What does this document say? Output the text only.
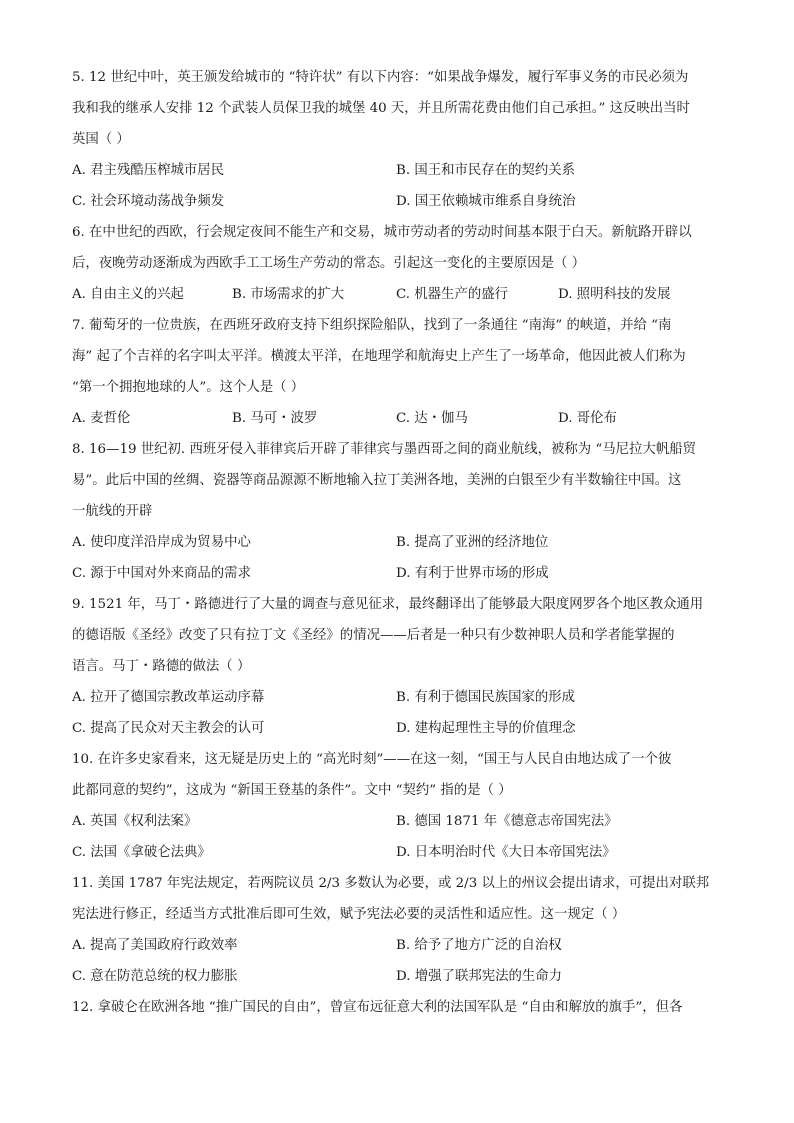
5. 12 世纪中叶，英王颁发给城市的 “特许状” 有以下内容：“如果战争爆发，履行军事义务的市民必须为
我和我的继承人安排 12 个武装人员保卫我的城堡 40 天，并且所需花费由他们自己承担。” 这反映出当时
英国（ ）
A. 君主残酷压榨城市居民	B. 国王和市民存在的契约关系
C. 社会环境动荡战争频发	D. 国王依赖城市维系自身统治
6. 在中世纪的西欧，行会规定夜间不能生产和交易，城市劳动者的劳动时间基本限于白天。新航路开辟以
后，夜晚劳动逐渐成为西欧手工工场生产劳动的常态。引起这一变化的主要原因是（ ）
A. 自由主义的兴起	B. 市场需求的扩大	C. 机器生产的盛行	D. 照明科技的发展
7. 葡萄牙的一位贵族，在西班牙政府支持下组织探险船队，找到了一条通往 “南海” 的峡道，并给 “南
海” 起了个吉祥的名字叫太平洋。横渡太平洋，在地理学和航海史上产生了一场革命，他因此被人们称为
“第一个拥抱地球的人”。这个人是（ ）
A. 麦哲伦	B. 马可・波罗	C. 达・伽马	D. 哥伦布
8. 16—19 世纪初. 西班牙侵入菲律宾后开辟了菲律宾与墨西哥之间的商业航线，被称为 “马尼拉大帆船贸
易”。此后中国的丝绸、瓷器等商品源源不断地输入拉丁美洲各地，美洲的白银至少有半数输往中国。这
一航线的开辟
A. 使印度洋沿岸成为贸易中心	B. 提高了亚洲的经济地位
C. 源于中国对外来商品的需求	D. 有利于世界市场的形成
9. 1521 年，马丁・路德进行了大量的调查与意见征求，最终翻译出了能够最大限度网罗各个地区教众通用
的德语版《圣经》改变了只有拉丁文《圣经》的情况——后者是一种只有少数神职人员和学者能掌握的
语言。马丁・路德的做法（ ）
A. 拉开了德国宗教改革运动序幕	B. 有利于德国民族国家的形成
C. 提高了民众对天主教会的认可	D. 建构起理性主导的价值理念
10. 在许多史家看来，这无疑是历史上的 “高光时刻”——在这一刻，“国王与人民自由地达成了一个彼
此都同意的契约”，这成为 “新国王登基的条件”。文中 “契约” 指的是（ ）
A. 英国《权利法案》	B. 德国 1871 年《德意志帝国宪法》
C. 法国《拿破仑法典》	D. 日本明治时代《大日本帝国宪法》
11. 美国 1787 年宪法规定，若两院议员 2/3 多数认为必要，或 2/3 以上的州议会提出请求，可提出对联邦
宪法进行修正，经适当方式批准后即可生效，赋予宪法必要的灵活性和适应性。这一规定（ ）
A. 提高了美国政府行政效率	B. 给予了地方广泛的自治权
C. 意在防范总统的权力膨胀	D. 增强了联邦宪法的生命力
12. 拿破仑在欧洲各地 “推广国民的自由”，曾宣布远征意大利的法国军队是 “自由和解放的旗手”，但各
